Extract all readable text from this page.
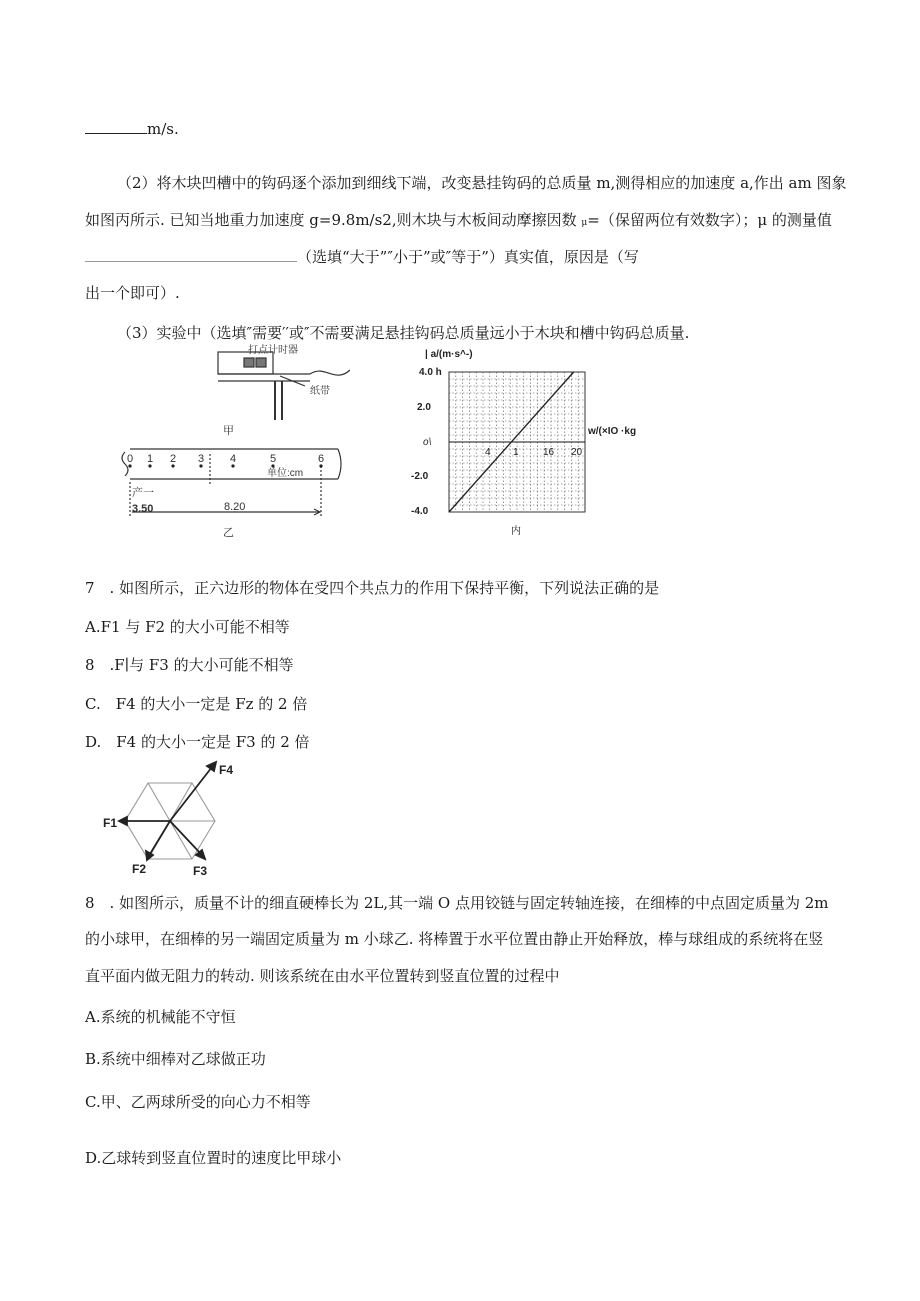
m/s.
（2）将木块凹槽中的钩码逐个添加到细线下端，改变悬挂钩码的总质量 m,测得相应的加速度 a,作出 am 图象
如图丙所示. 已知当地重力加速度 g=9.8m/s2,则木块与木板间动摩擦因数 μ=（保留两位有效数字）；μ 的测量值
（选填“大于”″小于”或″等于”）真实值，原因是（写
出一个即可）.
（3）实验中（选填″需要′′或″不需要满足悬挂钩码总质量远小于木块和槽中钩码总质量.
打点计时器
纸带
甲
0 1 2 3 4	5	6
单位:cm
产一
3.50	8.20
乙
| a/(m·s^-)
4.0 h
2.0
o\
-2.0
-4.0
w/(×IO ·kg
4 1 16 20
内
7　. 如图所示，正六边形的物体在受四个共点力的作用下保持平衡，下列说法正确的是
A.F1 与 F2 的大小可能不相等
8　.F∣与 F3 的大小可能不相等
C.　F4 的大小一定是 Fz 的 2 倍
D.　F4 的大小一定是 F3 的 2 倍
F1
F2	F3
F4
8　. 如图所示，质量不计的细直硬棒长为 2L,其一端 O 点用铰链与固定转轴连接，在细棒的中点固定质量为 2m
的小球甲，在细棒的另一端固定质量为 m 小球乙. 将棒置于水平位置由静止开始释放，棒与球组成的系统将在竖
直平面内做无阻力的转动. 则该系统在由水平位置转到竖直位置的过程中
A.系统的机械能不守恒
B.系统中细棒对乙球做正功
C.甲、乙两球所受的向心力不相等
D.乙球转到竖直位置时的速度比甲球小
